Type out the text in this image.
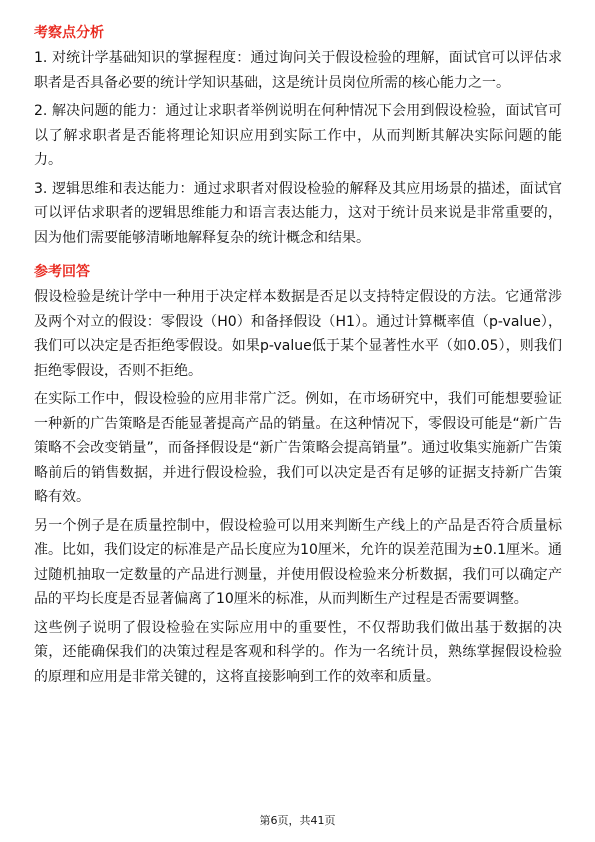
考察点分析

1. 对统计学基础知识的掌握程度：通过询问关于假设检验的理解，面试官可以评估求职者是否具备必要的统计学知识基础，这是统计员岗位所需的核心能力之一。

2. 解决问题的能力：通过让求职者举例说明在何种情况下会用到假设检验，面试官可以了解求职者是否能将理论知识应用到实际工作中，从而判断其解决实际问题的能力。

3. 逻辑思维和表达能力：通过求职者对假设检验的解释及其应用场景的描述，面试官可以评估求职者的逻辑思维能力和语言表达能力，这对于统计员来说是非常重要的，因为他们需要能够清晰地解释复杂的统计概念和结果。

参考回答

假设检验是统计学中一种用于决定样本数据是否足以支持特定假设的方法。它通常涉及两个对立的假设：零假设（H0）和备择假设（H1）。通过计算概率值（p-value），我们可以决定是否拒绝零假设。如果p-value低于某个显著性水平（如0.05），则我们拒绝零假设，否则不拒绝。

在实际工作中，假设检验的应用非常广泛。例如，在市场研究中，我们可能想要验证一种新的广告策略是否能显著提高产品的销量。在这种情况下，零假设可能是“新广告策略不会改变销量”，而备择假设是“新广告策略会提高销量”。通过收集实施新广告策略前后的销售数据，并进行假设检验，我们可以决定是否有足够的证据支持新广告策略有效。

另一个例子是在质量控制中，假设检验可以用来判断生产线上的产品是否符合质量标准。比如，我们设定的标准是产品长度应为10厘米，允许的误差范围为±0.1厘米。通过随机抽取一定数量的产品进行测量，并使用假设检验来分析数据，我们可以确定产品的平均长度是否显著偏离了10厘米的标准，从而判断生产过程是否需要调整。

这些例子说明了假设检验在实际应用中的重要性，不仅帮助我们做出基于数据的决策，还能确保我们的决策过程是客观和科学的。作为一名统计员，熟练掌握假设检验的原理和应用是非常关键的，这将直接影响到工作的效率和质量。

第6页，共41页
